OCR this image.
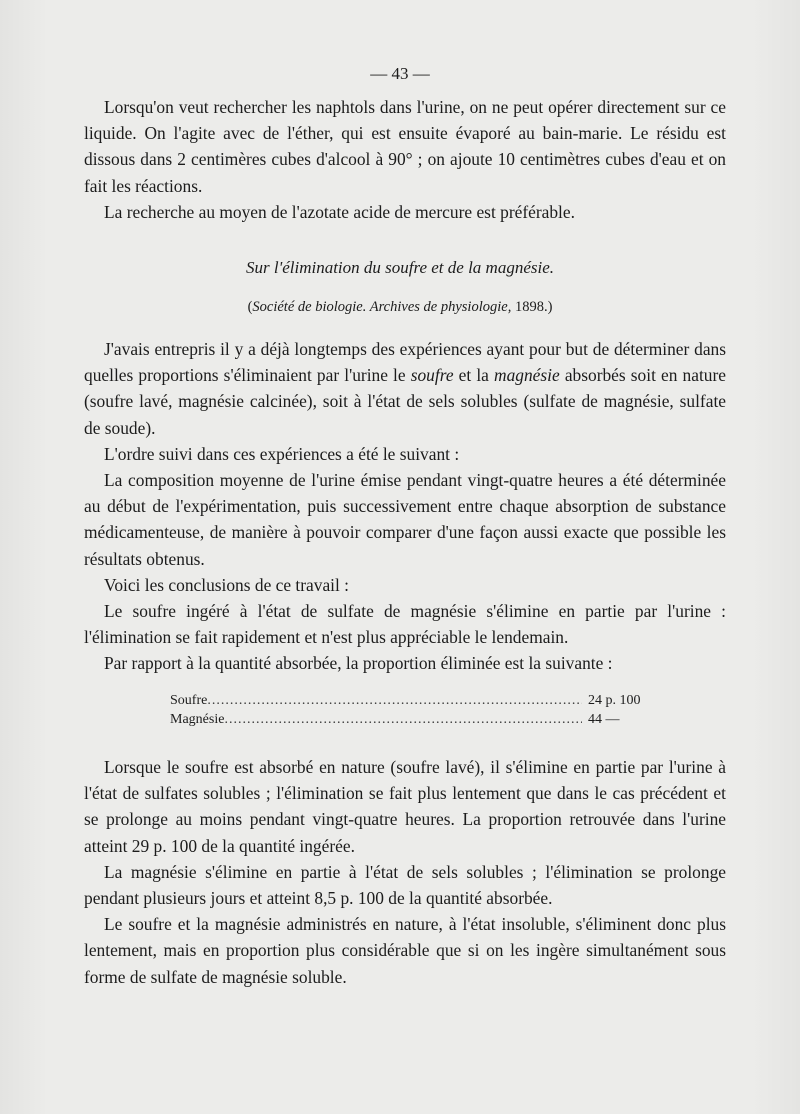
— 43 —

Lorsqu'on veut rechercher les naphtols dans l'urine, on ne peut opérer directement sur ce liquide. On l'agite avec de l'éther, qui est ensuite évaporé au bain-marie. Le résidu est dissous dans 2 centimères cubes d'alcool à 90° ; on ajoute 10 centimètres cubes d'eau et on fait les réactions.

La recherche au moyen de l'azotate acide de mercure est préférable.

Sur l'élimination du soufre et de la magnésie.
(Société de biologie. Archives de physiologie, 1898.)

J'avais entrepris il y a déjà longtemps des expériences ayant pour but de déterminer dans quelles proportions s'éliminaient par l'urine le soufre et la magnésie absorbés soit en nature (soufre lavé, magnésie calcinée), soit à l'état de sels solubles (sulfate de magnésie, sulfate de soude).

L'ordre suivi dans ces expériences a été le suivant :

La composition moyenne de l'urine émise pendant vingt-quatre heures a été déterminée au début de l'expérimentation, puis successivement entre chaque absorption de substance médicamenteuse, de manière à pouvoir comparer d'une façon aussi exacte que possible les résultats obtenus.

Voici les conclusions de ce travail :

Le soufre ingéré à l'état de sulfate de magnésie s'élimine en partie par l'urine : l'élimination se fait rapidement et n'est plus appréciable le lendemain.

Par rapport à la quantité absorbée, la proportion éliminée est la suivante :

Soufre .....	24 p. 100
Magnésie .....	44 —

Lorsque le soufre est absorbé en nature (soufre lavé), il s'élimine en partie par l'urine à l'état de sulfates solubles ; l'élimination se fait plus lentement que dans le cas précédent et se prolonge au moins pendant vingt-quatre heures. La proportion retrouvée dans l'urine atteint 29 p. 100 de la quantité ingérée.

La magnésie s'élimine en partie à l'état de sels solubles ; l'élimination se prolonge pendant plusieurs jours et atteint 8,5 p. 100 de la quantité absorbée.

Le soufre et la magnésie administrés en nature, à l'état insoluble, s'éliminent donc plus lentement, mais en proportion plus considérable que si on les ingère simultanément sous forme de sulfate de magnésie soluble.
